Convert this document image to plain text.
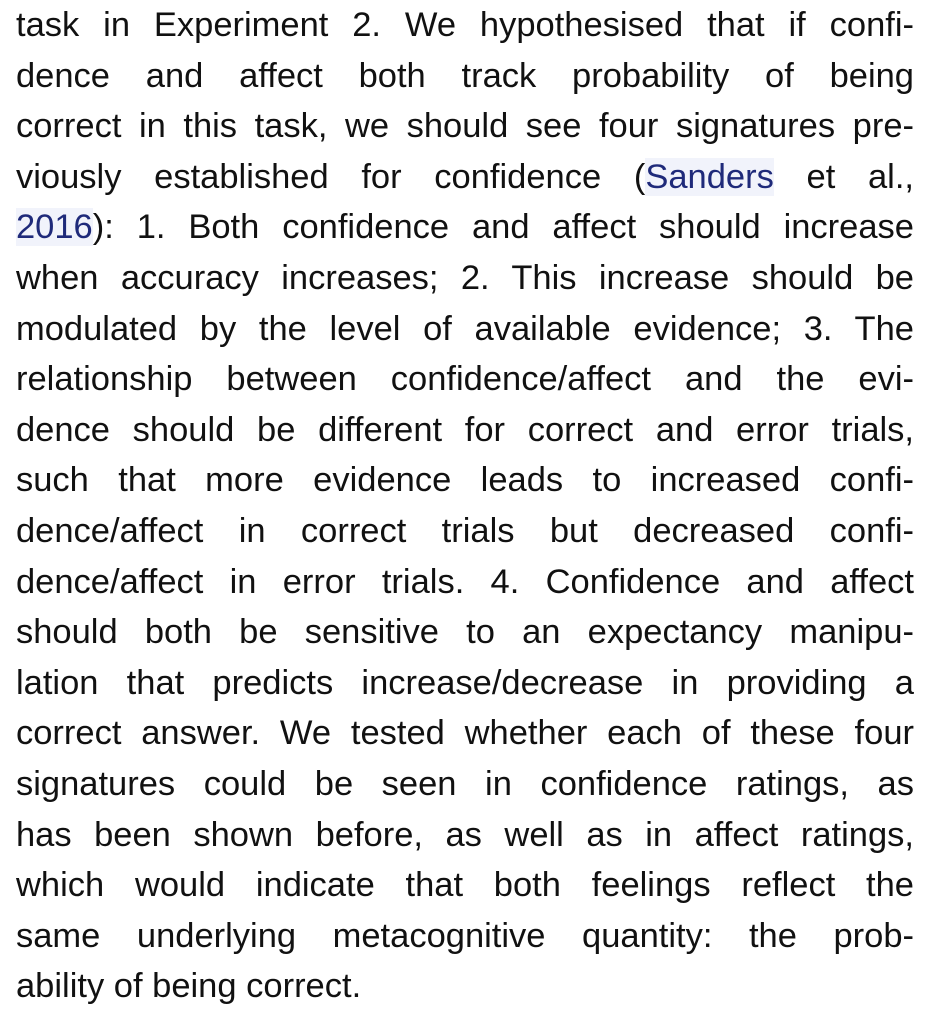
task in Experiment 2. We hypothesised that if confi-
dence and affect both track probability of being
correct in this task, we should see four signatures pre-
viously established for confidence (Sanders et al.,
2016): 1. Both confidence and affect should increase
when accuracy increases; 2. This increase should be
modulated by the level of available evidence; 3. The
relationship between confidence/affect and the evi-
dence should be different for correct and error trials,
such that more evidence leads to increased confi-
dence/affect in correct trials but decreased confi-
dence/affect in error trials. 4. Confidence and affect
should both be sensitive to an expectancy manipu-
lation that predicts increase/decrease in providing a
correct answer. We tested whether each of these four
signatures could be seen in confidence ratings, as
has been shown before, as well as in affect ratings,
which would indicate that both feelings reflect the
same underlying metacognitive quantity: the prob-
ability of being correct.
